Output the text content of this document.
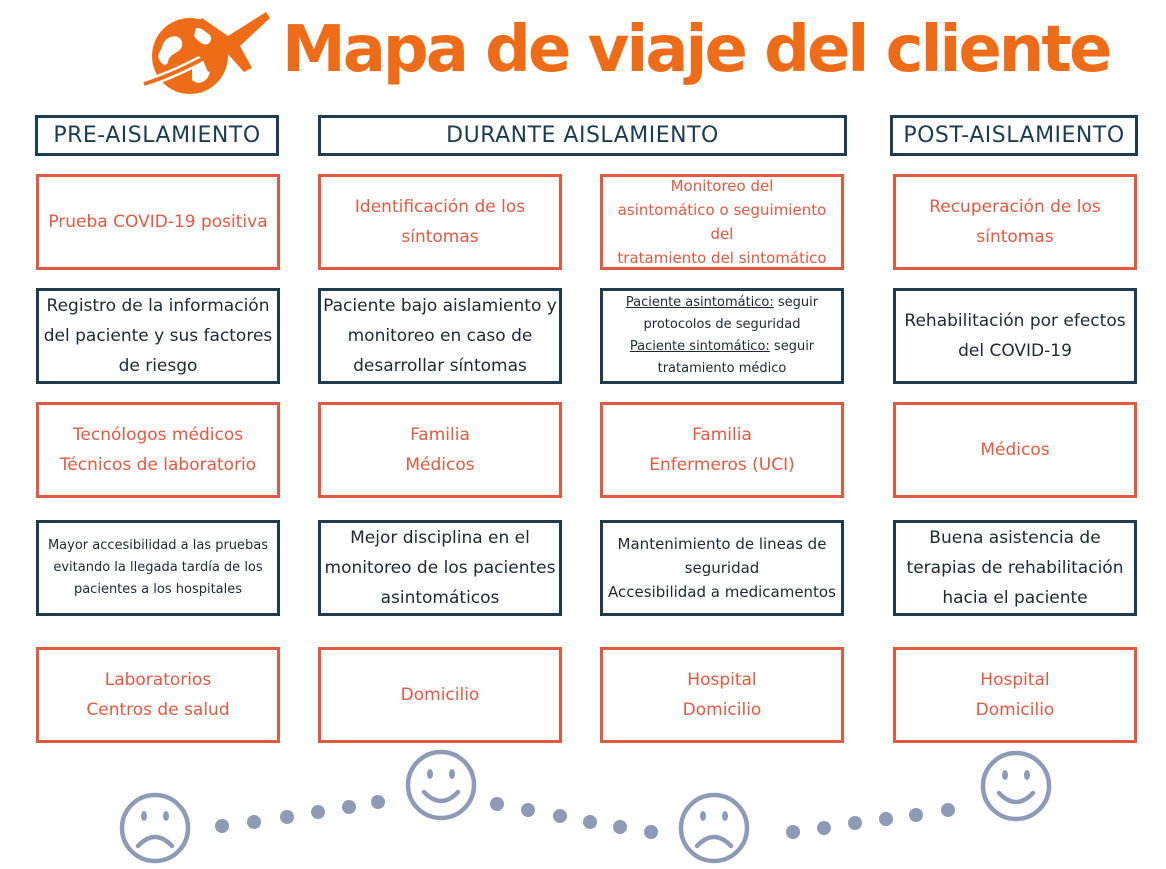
Mapa de viaje del cliente
PRE-AISLAMIENTO	DURANTE AISLAMIENTO	POST-AISLAMIENTO
Prueba COVID-19 positiva
Identificación de los
síntomas
Monitoreo del
asintomático o seguimiento del
tratamiento del sintomático
Recuperación de los
síntomas
Registro de la información
del paciente y sus factores
de riesgo
Paciente bajo aislamiento y
monitoreo en caso de
desarrollar síntomas
Paciente asintomático: seguir
protocolos de seguridad
Paciente sintomático: seguir
tratamiento médico
Rehabilitación por efectos
del COVID-19
Tecnólogos médicos
Técnicos de laboratorio
Familia
Médicos
Familia
Enfermeros (UCI)
Médicos
Mayor accesibilidad a las pruebas
evitando la llegada tardía de los
pacientes a los hospitales
Mejor disciplina en el
monitoreo de los pacientes
asintomáticos
Mantenimiento de lineas de
seguridad
Accesibilidad a medicamentos
Buena asistencia de
terapias de rehabilitación
hacia el paciente
Laboratorios
Centros de salud
Domicilio
Hospital
Domicilio
Hospital
Domicilio
